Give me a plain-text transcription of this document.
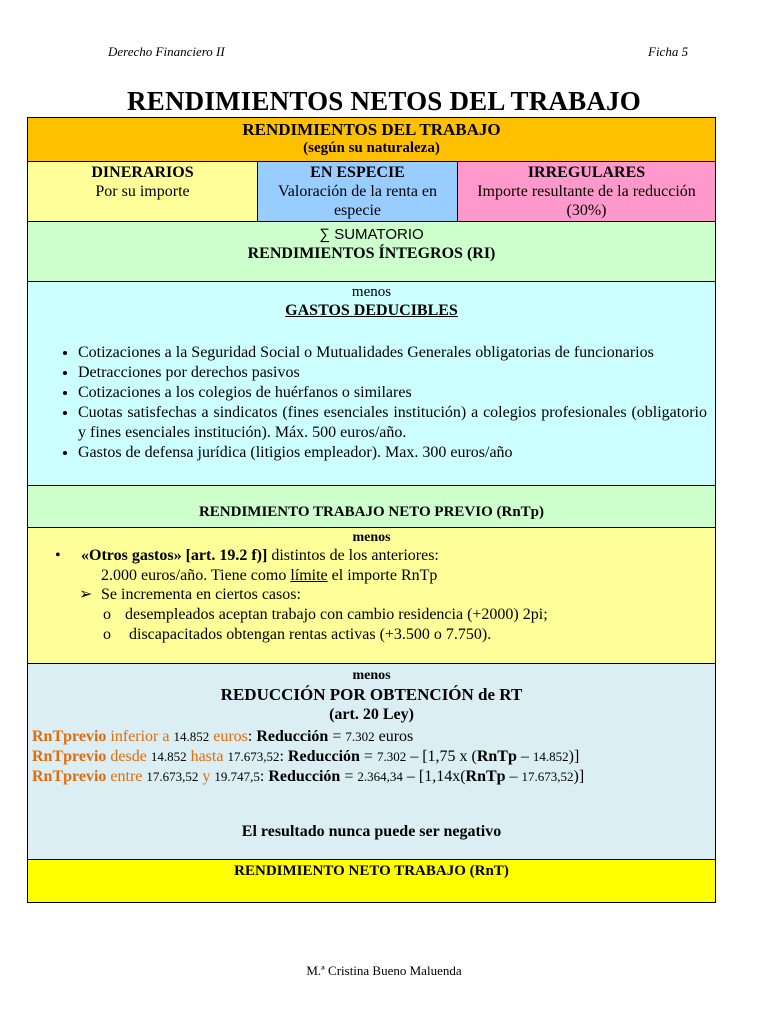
Derecho Financiero II	Ficha 5
RENDIMIENTOS NETOS DEL TRABAJO
RENDIMIENTOS DEL TRABAJO
(según su naturaleza)
DINERARIOS
Por su importe
EN ESPECIE
Valoración de la renta en especie
IRREGULARES
Importe resultante de la reducción (30%)
∑ SUMATORIO
RENDIMIENTOS ÍNTEGROS (RI)
menos
GASTOS DEDUCIBLES
• Cotizaciones a la Seguridad Social o Mutualidades Generales obligatorias de funcionarios
• Detracciones por derechos pasivos
• Cotizaciones a los colegios de huérfanos o similares
• Cuotas satisfechas a sindicatos (fines esenciales institución) a colegios profesionales (obligatorio y fines esenciales institución). Máx. 500 euros/año.
• Gastos de defensa jurídica (litigios empleador). Max. 300 euros/año
RENDIMIENTO TRABAJO NETO PREVIO (RnTp)
menos
• «Otros gastos» [art. 19.2 f)] distintos de los anteriores:
2.000 euros/año. Tiene como límite el importe RnTp
➢ Se incrementa en ciertos casos:
o desempleados aceptan trabajo con cambio residencia (+2000) 2pi;
o discapacitados obtengan rentas activas (+3.500 o 7.750).
menos
REDUCCIÓN POR OBTENCIÓN de RT
(art. 20 Ley)
RnTprevio inferior a 14.852 euros: Reducción = 7.302 euros
RnTprevio desde 14.852 hasta 17.673,52: Reducción = 7.302 – [1,75 x (RnTp – 14.852)]
RnTprevio entre 17.673,52 y 19.747,5: Reducción = 2.364,34 – [1,14x(RnTp – 17.673,52)]
El resultado nunca puede ser negativo
RENDIMIENTO NETO TRABAJO (RnT)
M.ª Cristina Bueno Maluenda
